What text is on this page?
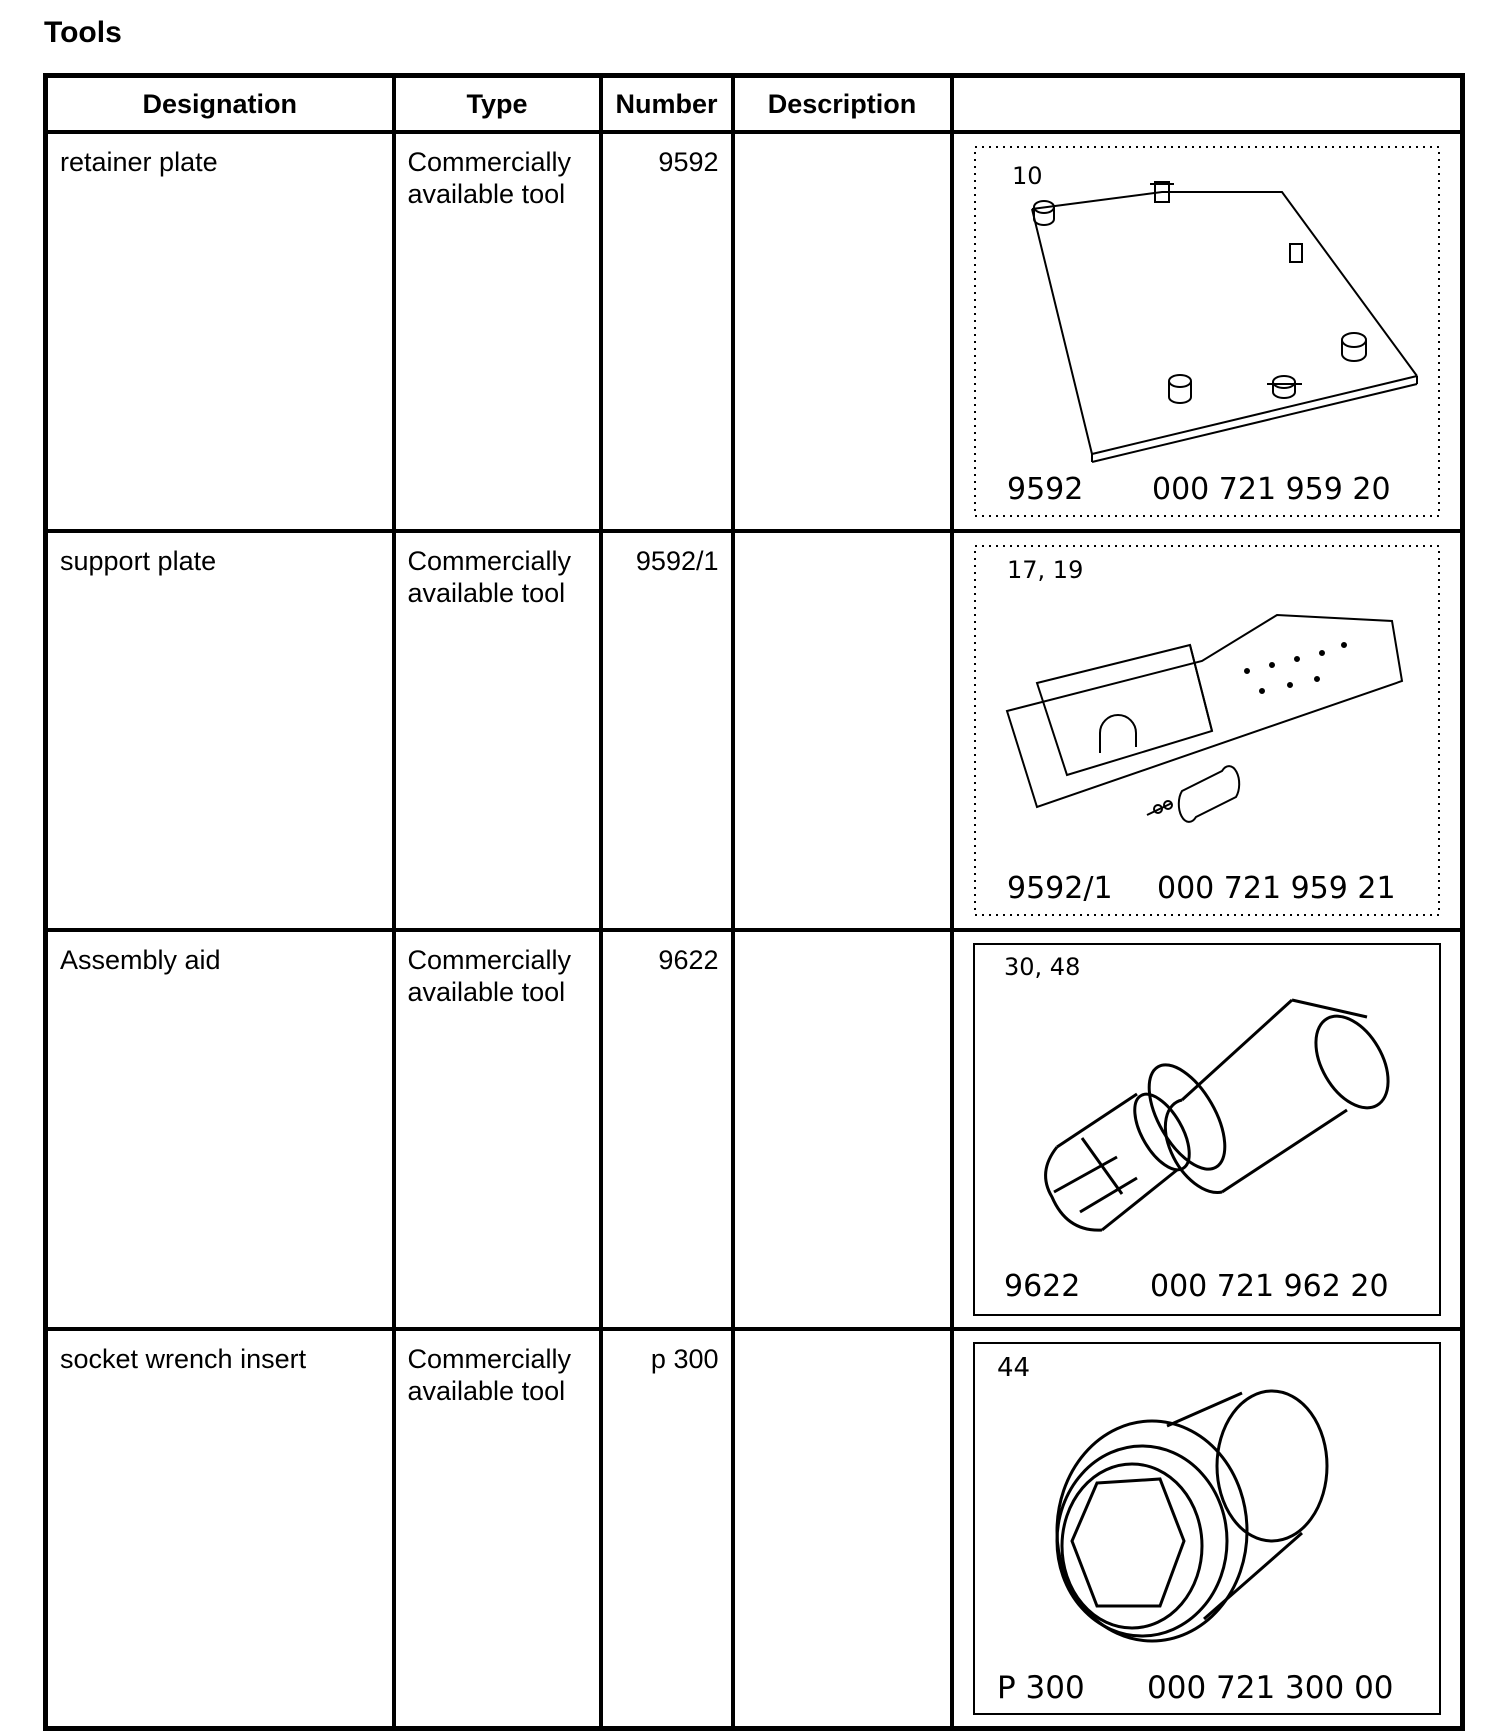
Tools
Designation	Type	Number	Description	

retainer plate	Commercially available tool	9592		10
9592 000 721 959 20

support plate	Commercially available tool	9592/1		17, 19
9592/1 000 721 959 21

Assembly aid	Commercially available tool	9622		30, 48
9622 000 721 962 20

socket wrench insert	Commercially available tool	p 300		44
P 300 000 721 300 00
